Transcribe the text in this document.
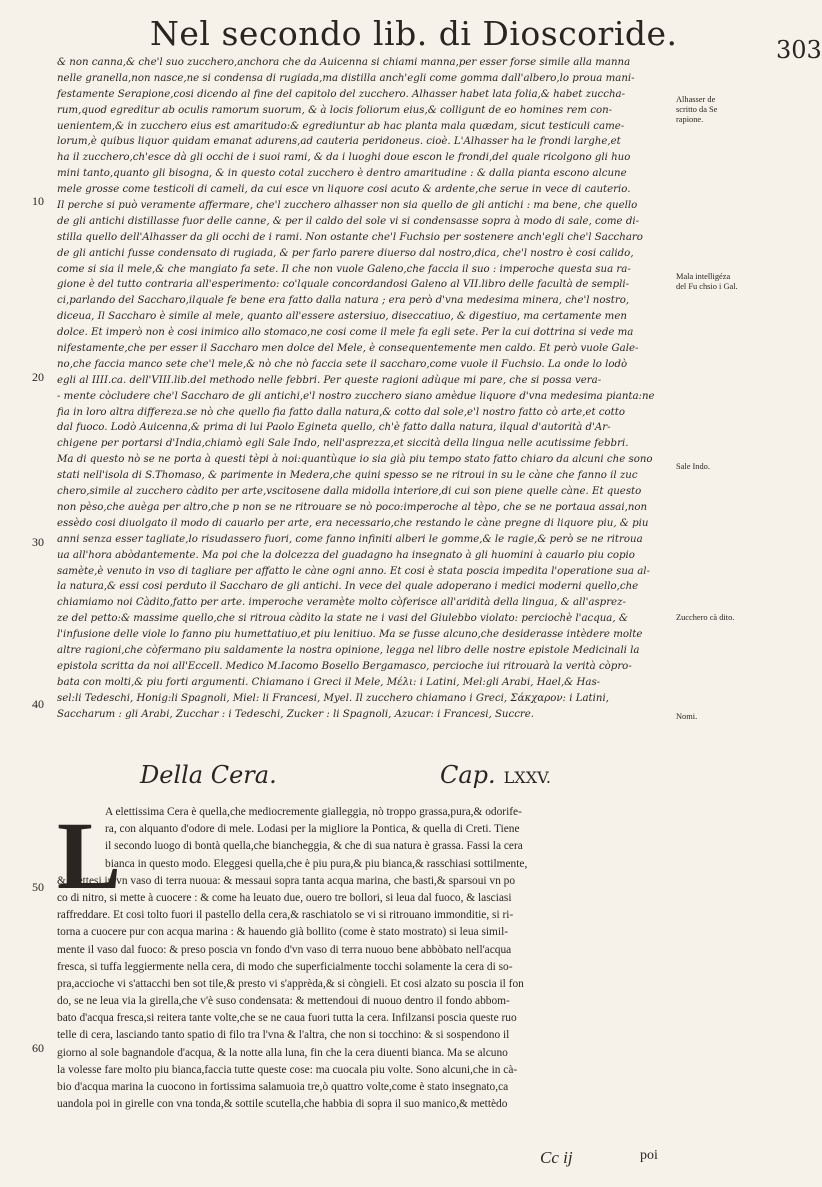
Nel secondo lib. di Dioscoride.	303
& non canna,& che'l suo zucchero,anchora che da Auicenna si chiami manna,per esser forse simile alla manna
nelle granella,non nasce,ne si condensa di rugiada,ma distilla anch'egli come gomma dall'albero,lo proua mani-
festamente Serapione,cosi dicendo al fine del capitolo del zucchero. Alhasser habet lata folia,& habet zuccha-
rum,quod egreditur ab oculis ramorum suorum, & à locis foliorum eius,& colligunt de eo homines rem con-
uenientem,& in zucchero eius est amaritudo:& egrediuntur ab hac planta mala quædam, sicut testiculi came-
lorum,è quibus liquor quidam emanat adurens,ad cauteria peridoneus. cioè. L'Alhasser ha le frondi larghe,et
ha il zucchero,ch'esce dà gli occhi de i suoi rami, & da i luoghi doue escon le frondi,del quale ricolgono gli huo
mini tanto,quanto gli bisogna, & in questo cotal zucchero è dentro amaritudine : & dalla pianta escono alcune
mele grosse come testicoli di cameli, da cui esce vn liquore cosi acuto & ardente,che serue in vece di cauterio.
Il perche si può veramente affermare, che'l zucchero alhasser non sia quello de gli antichi : ma bene, che quello
de gli antichi distillasse fuor delle canne, & per il caldo del sole vi si condensasse sopra à modo di sale, come di-
stilla quello dell'Alhasser da gli occhi de i rami. Non ostante che'l Fuchsio per sostenere anch'egli che'l Saccharo
de gli antichi fusse condensato di rugiada, & per farlo parere diuerso dal nostro,dica, che'l nostro è cosi calido,
come si sia il mele,& che mangiato fa sete. Il che non vuole Galeno,che faccia il suo : imperoche questa sua ra-
gione è del tutto contraria all'esperimento: co'lquale concordandosi Galeno al VII.libro delle facultà de sempli-
ci,parlando del Saccharo,ilquale fe bene era fatto dalla natura ; era però d'vna medesima minera, che'l nostro,
diceua, Il Saccharo è simile al mele, quanto all'essere astersiuo, diseccatiuo, & digestiuo, ma certamente men
dolce. Et imperò non è cosi inimico allo stomaco,ne cosi come il mele fa egli sete. Per la cui dottrina si vede ma
nifestamente,che per esser il Saccharo men dolce del Mele, è consequentemente men caldo. Et però vuole Gale-
no,che faccia manco sete che'l mele,& nò che nò faccia sete il saccharo,come vuole il Fuchsio. La onde lo lodò
egli al IIII.ca. dell'VIII.lib.del methodo nelle febbri. Per queste ragioni adùque mi pare, che si possa vera-
- mente còcludere che'l Saccharo de gli antichi,e'l nostro zucchero siano amèdue liquore d'vna medesima pianta:ne
fia in loro altra differeza.se nò che quello fia fatto dalla natura,& cotto dal sole,e'l nostro fatto cò arte,et cotto
dal fuoco. Lodò Auicenna,& prima di lui Paolo Egineta quello, ch'è fatto dalla natura, ilqual d'autorità d'Ar-
chigene per portarsi d'India,chiamò egli Sale Indo, nell'asprezza,et siccità della lingua nelle acutissime febbri.
Ma di questo nò se ne porta à questi tèpi à noi:quantùque io sia già piu tempo stato fatto chiaro da alcuni che sono
stati nell'isola di S.Thomaso, & parimente in Medera,che quini spesso se ne ritroui in su le càne che fanno il zuc
chero,simile al zucchero càdito per arte,vscitosene dalla midolla interiore,di cui son piene quelle càne. Et questo
non pèso,che auèga per altro,che p non se ne ritrouare se nò poco:imperoche al tèpo, che se ne portaua assai,non
essèdo cosi diuolgato il modo di cauarlo per arte, era necessario,che restando le càne pregne di liquore piu, & piu
anni senza esser tagliate,lo risudassero fuori, come fanno infiniti alberi le gomme,& le ragie,& però se ne ritroua
ua all'hora abòdantemente. Ma poi che la dolcezza del guadagno ha insegnato à gli huomini à cauarlo piu copio
samète,è venuto in vso di tagliare per affatto le càne ogni anno. Et cosi è stata poscia impedita l'operatione sua al-
la natura,& essi cosi perduto il Saccharo de gli antichi. In vece del quale adoperano i medici moderni quello,che
chiamiamo noi Càdito,fatto per arte. imperoche veramète molto còferisce all'aridità della lingua, & all'asprez-
ze del petto:& massime quello,che si ritroua càdito la state ne i vasi del Giulebbo violato: perciochè l'acqua, &
l'infusione delle viole lo fanno piu humettatiuo,et piu lenitiuo. Ma se fusse alcuno,che desiderasse intèdere molte
altre ragioni,che còfermano piu saldamente la nostra opinione, legga nel libro delle nostre epistole Medicinali la
epistola scritta da noi all'Eccell. Medico M.Iacomo Bosello Bergamasco, percioche iui ritrouarà la verità còpro-
bata con molti,& piu forti argumenti. Chiamano i Greci il Mele, Μέλι: i Latini, Mel:gli Arabi, Hael,& Has-
sel:li Tedeschi, Honig:li Spagnoli, Miel: li Francesi, Myel. Il zucchero chiamano i Greci, Σάκχαρον: i Latini,
Saccharum : gli Arabi, Zucchar : i Tedeschi, Zucker : li Spagnoli, Azucar: i Francesi, Succre.
10
20
30
40
50
60
Alhasser de scritto da Se rapione.
Mala intelligéza del Fu chsio i Gal.
Sale Indo.
Zucchero cà dito.
Nomi.
Della Cera.	Cap. LXXV.
L
A elettissima Cera è quella,che mediocremente gialleggia, nò troppo grassa,pura,& odorife-
ra, con alquanto d'odore di mele. Lodasi per la migliore la Pontica, & quella di Creti. Tiene
il secondo luogo di bontà quella,che biancheggia, & che di sua natura è grassa. Fassi la cera
bianca in questo modo. Eleggesi quella,che è piu pura,& piu bianca,& rasschiasi sottilmente,
& mettesi in vn vaso di terra nuoua: & messaui sopra tanta acqua marina, che basti,& sparsoui vn po
co di nitro, si mette à cuocere : & come ha leuato due, ouero tre bollori, si leua dal fuoco, & lasciasi
raffreddare. Et cosi tolto fuori il pastello della cera,& raschiatolo se vi si ritrouano immonditie, si ri-
torna a cuocere pur con acqua marina : & hauendo già bollito (come è stato mostrato) si leua simil-
mente il vaso dal fuoco: & preso poscia vn fondo d'vn vaso di terra nuouo bene abbòbato nell'acqua
fresca, si tuffa leggiermente nella cera, di modo che superficialmente tocchi solamente la cera di so-
pra,accioche vi s'attacchi ben sot tile,& presto vi s'apprèda,& si còngieli. Et cosi alzato su poscia il fon
do, se ne leua via la girella,che v'è suso condensata: & mettendoui di nuouo dentro il fondo abbom-
bato d'acqua fresca,si reitera tante volte,che se ne caua fuori tutta la cera. Infilzansi poscia queste ruo
telle di cera, lasciando tanto spatio di filo tra l'vna & l'altra, che non si tocchino: & si sospendono il
giorno al sole bagnandole d'acqua, & la notte alla luna, fin che la cera diuenti bianca. Ma se alcuno
la volesse fare molto piu bianca,faccia tutte queste cose: ma cuocala piu volte. Sono alcuni,che in cà-
bio d'acqua marina la cuocono in fortissima salamuoia tre,ò quattro volte,come è stato insegnato,ca
uandola poi in girelle con vna tonda,& sottile scutella,che habbia di sopra il suo manico,& mettèdo
Cc ij	poi
